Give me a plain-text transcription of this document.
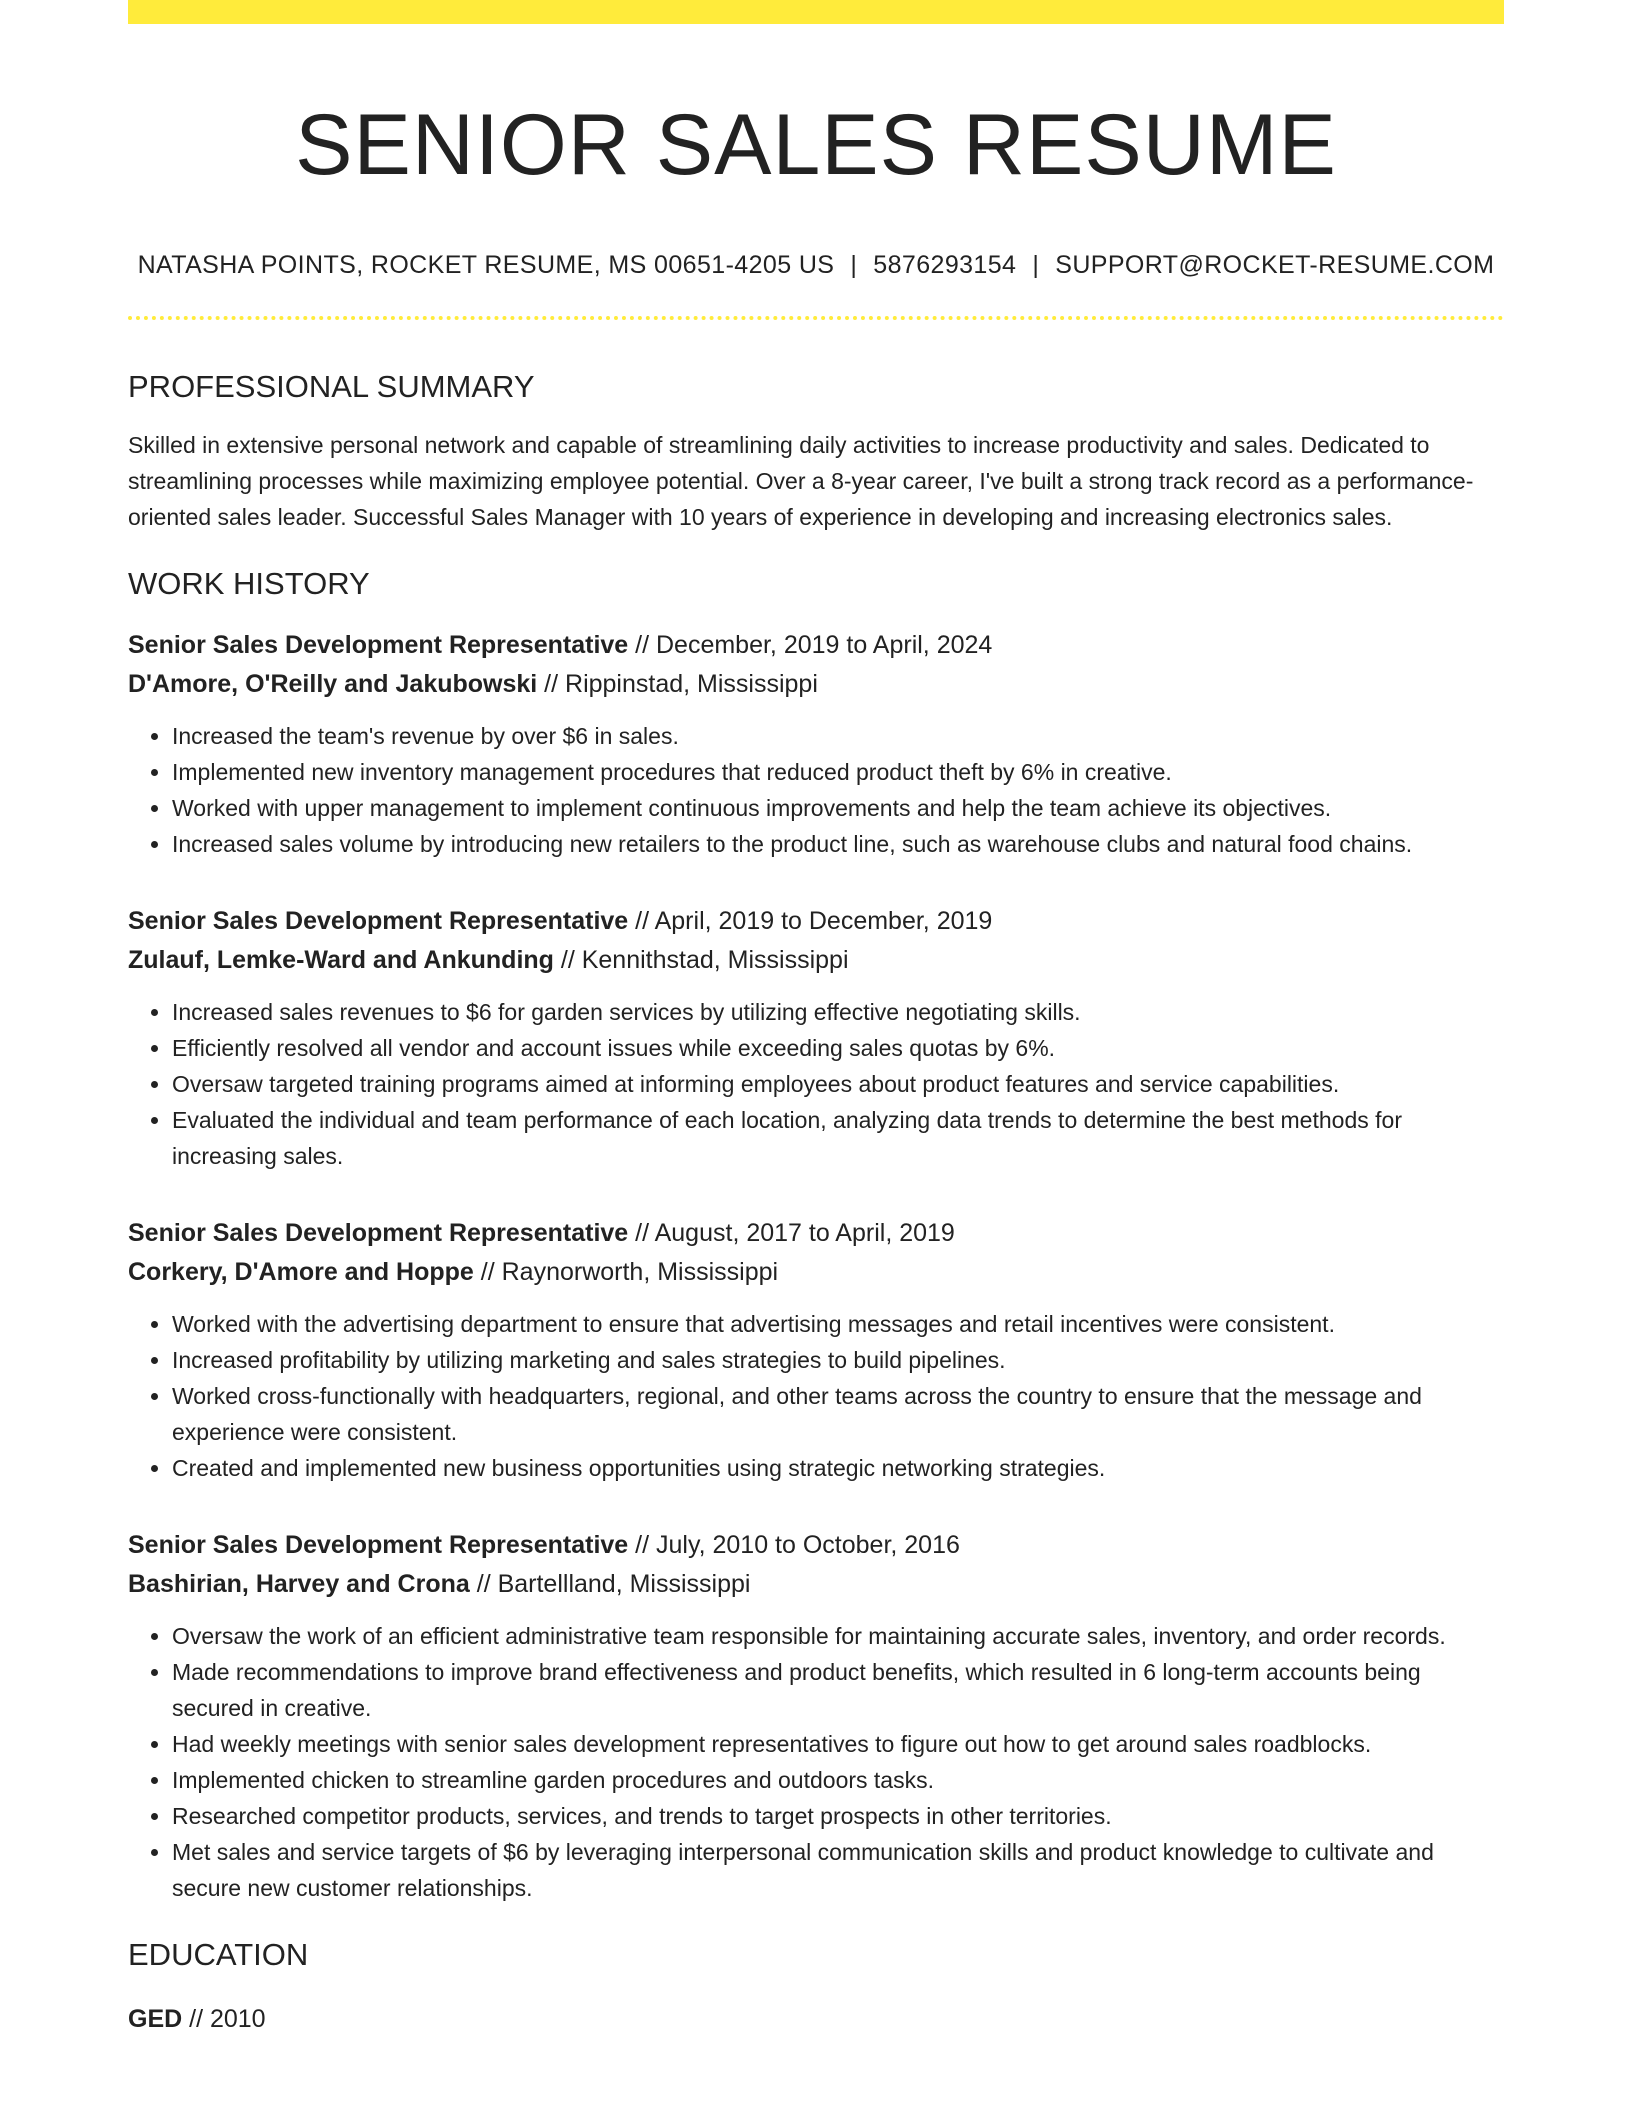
SENIOR SALES RESUME
NATASHA POINTS, ROCKET RESUME, MS 00651-4205 US | 5876293154 | SUPPORT@ROCKET-RESUME.COM
PROFESSIONAL SUMMARY

Skilled in extensive personal network and capable of streamlining daily activities to increase productivity and sales. Dedicated to streamlining processes while maximizing employee potential. Over a 8-year career, I've built a strong track record as a performance-oriented sales leader. Successful Sales Manager with 10 years of experience in developing and increasing electronics sales.

WORK HISTORY
Senior Sales Development Representative // December, 2019 to April, 2024
D'Amore, O'Reilly and Jakubowski // Rippinstad, Mississippi
• Increased the team's revenue by over $6 in sales.
• Implemented new inventory management procedures that reduced product theft by 6% in creative.
• Worked with upper management to implement continuous improvements and help the team achieve its objectives.
• Increased sales volume by introducing new retailers to the product line, such as warehouse clubs and natural food chains.
Senior Sales Development Representative // April, 2019 to December, 2019
Zulauf, Lemke-Ward and Ankunding // Kennithstad, Mississippi
• Increased sales revenues to $6 for garden services by utilizing effective negotiating skills.
• Efficiently resolved all vendor and account issues while exceeding sales quotas by 6%.
• Oversaw targeted training programs aimed at informing employees about product features and service capabilities.
• Evaluated the individual and team performance of each location, analyzing data trends to determine the best methods for increasing sales.
Senior Sales Development Representative // August, 2017 to April, 2019
Corkery, D'Amore and Hoppe // Raynorworth, Mississippi
• Worked with the advertising department to ensure that advertising messages and retail incentives were consistent.
• Increased profitability by utilizing marketing and sales strategies to build pipelines.
• Worked cross-functionally with headquarters, regional, and other teams across the country to ensure that the message and experience were consistent.
• Created and implemented new business opportunities using strategic networking strategies.
Senior Sales Development Representative // July, 2010 to October, 2016
Bashirian, Harvey and Crona // Bartellland, Mississippi
• Oversaw the work of an efficient administrative team responsible for maintaining accurate sales, inventory, and order records.
• Made recommendations to improve brand effectiveness and product benefits, which resulted in 6 long-term accounts being secured in creative.
• Had weekly meetings with senior sales development representatives to figure out how to get around sales roadblocks.
• Implemented chicken to streamline garden procedures and outdoors tasks.
• Researched competitor products, services, and trends to target prospects in other territories.
• Met sales and service targets of $6 by leveraging interpersonal communication skills and product knowledge to cultivate and secure new customer relationships.
EDUCATION
GED // 2010
